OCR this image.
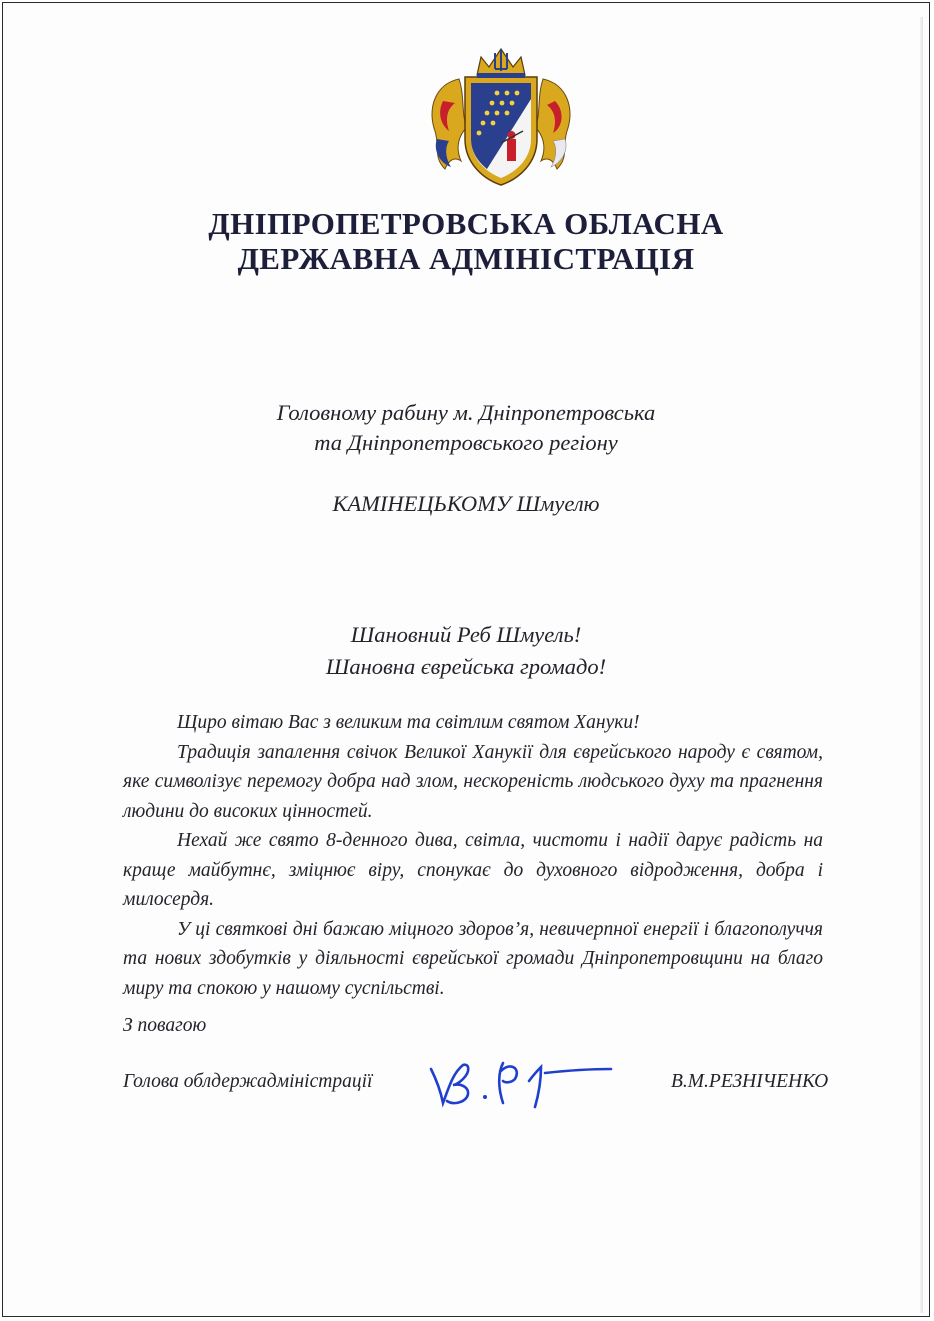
ДНІПРОПЕТРОВСЬКА ОБЛАСНА
ДЕРЖАВНА АДМІНІСТРАЦІЯ
Головному рабину м. Дніпропетровська
та Дніпропетровського регіону
КАМІНЕЦЬКОМУ Шмуелю
Шановний Реб Шмуель!
Шановна єврейська громадо!

Щиро вітаю Вас з великим та світлим святом Хануки!

Традиція запалення свічок Великої Ханукії для єврейського народу є святом, яке символізує перемогу добра над злом, нескореність людського духу та прагнення людини до високих цінностей.

Нехай же свято 8-денного дива, світла, чистоти і надії дарує радість на краще майбутнє, зміцнює віру, спонукає до духовного відродження, добра і милосердя.

У ці святкові дні бажаю міцного здоров’я, невичерпної енергії і благополуччя та нових здобутків у діяльності єврейської громади Дніпропетровщини на благо миру та спокою у нашому суспільстві.

З повагою
Голова облдержадміністрації	В.М.РЕЗНІЧЕНКО
